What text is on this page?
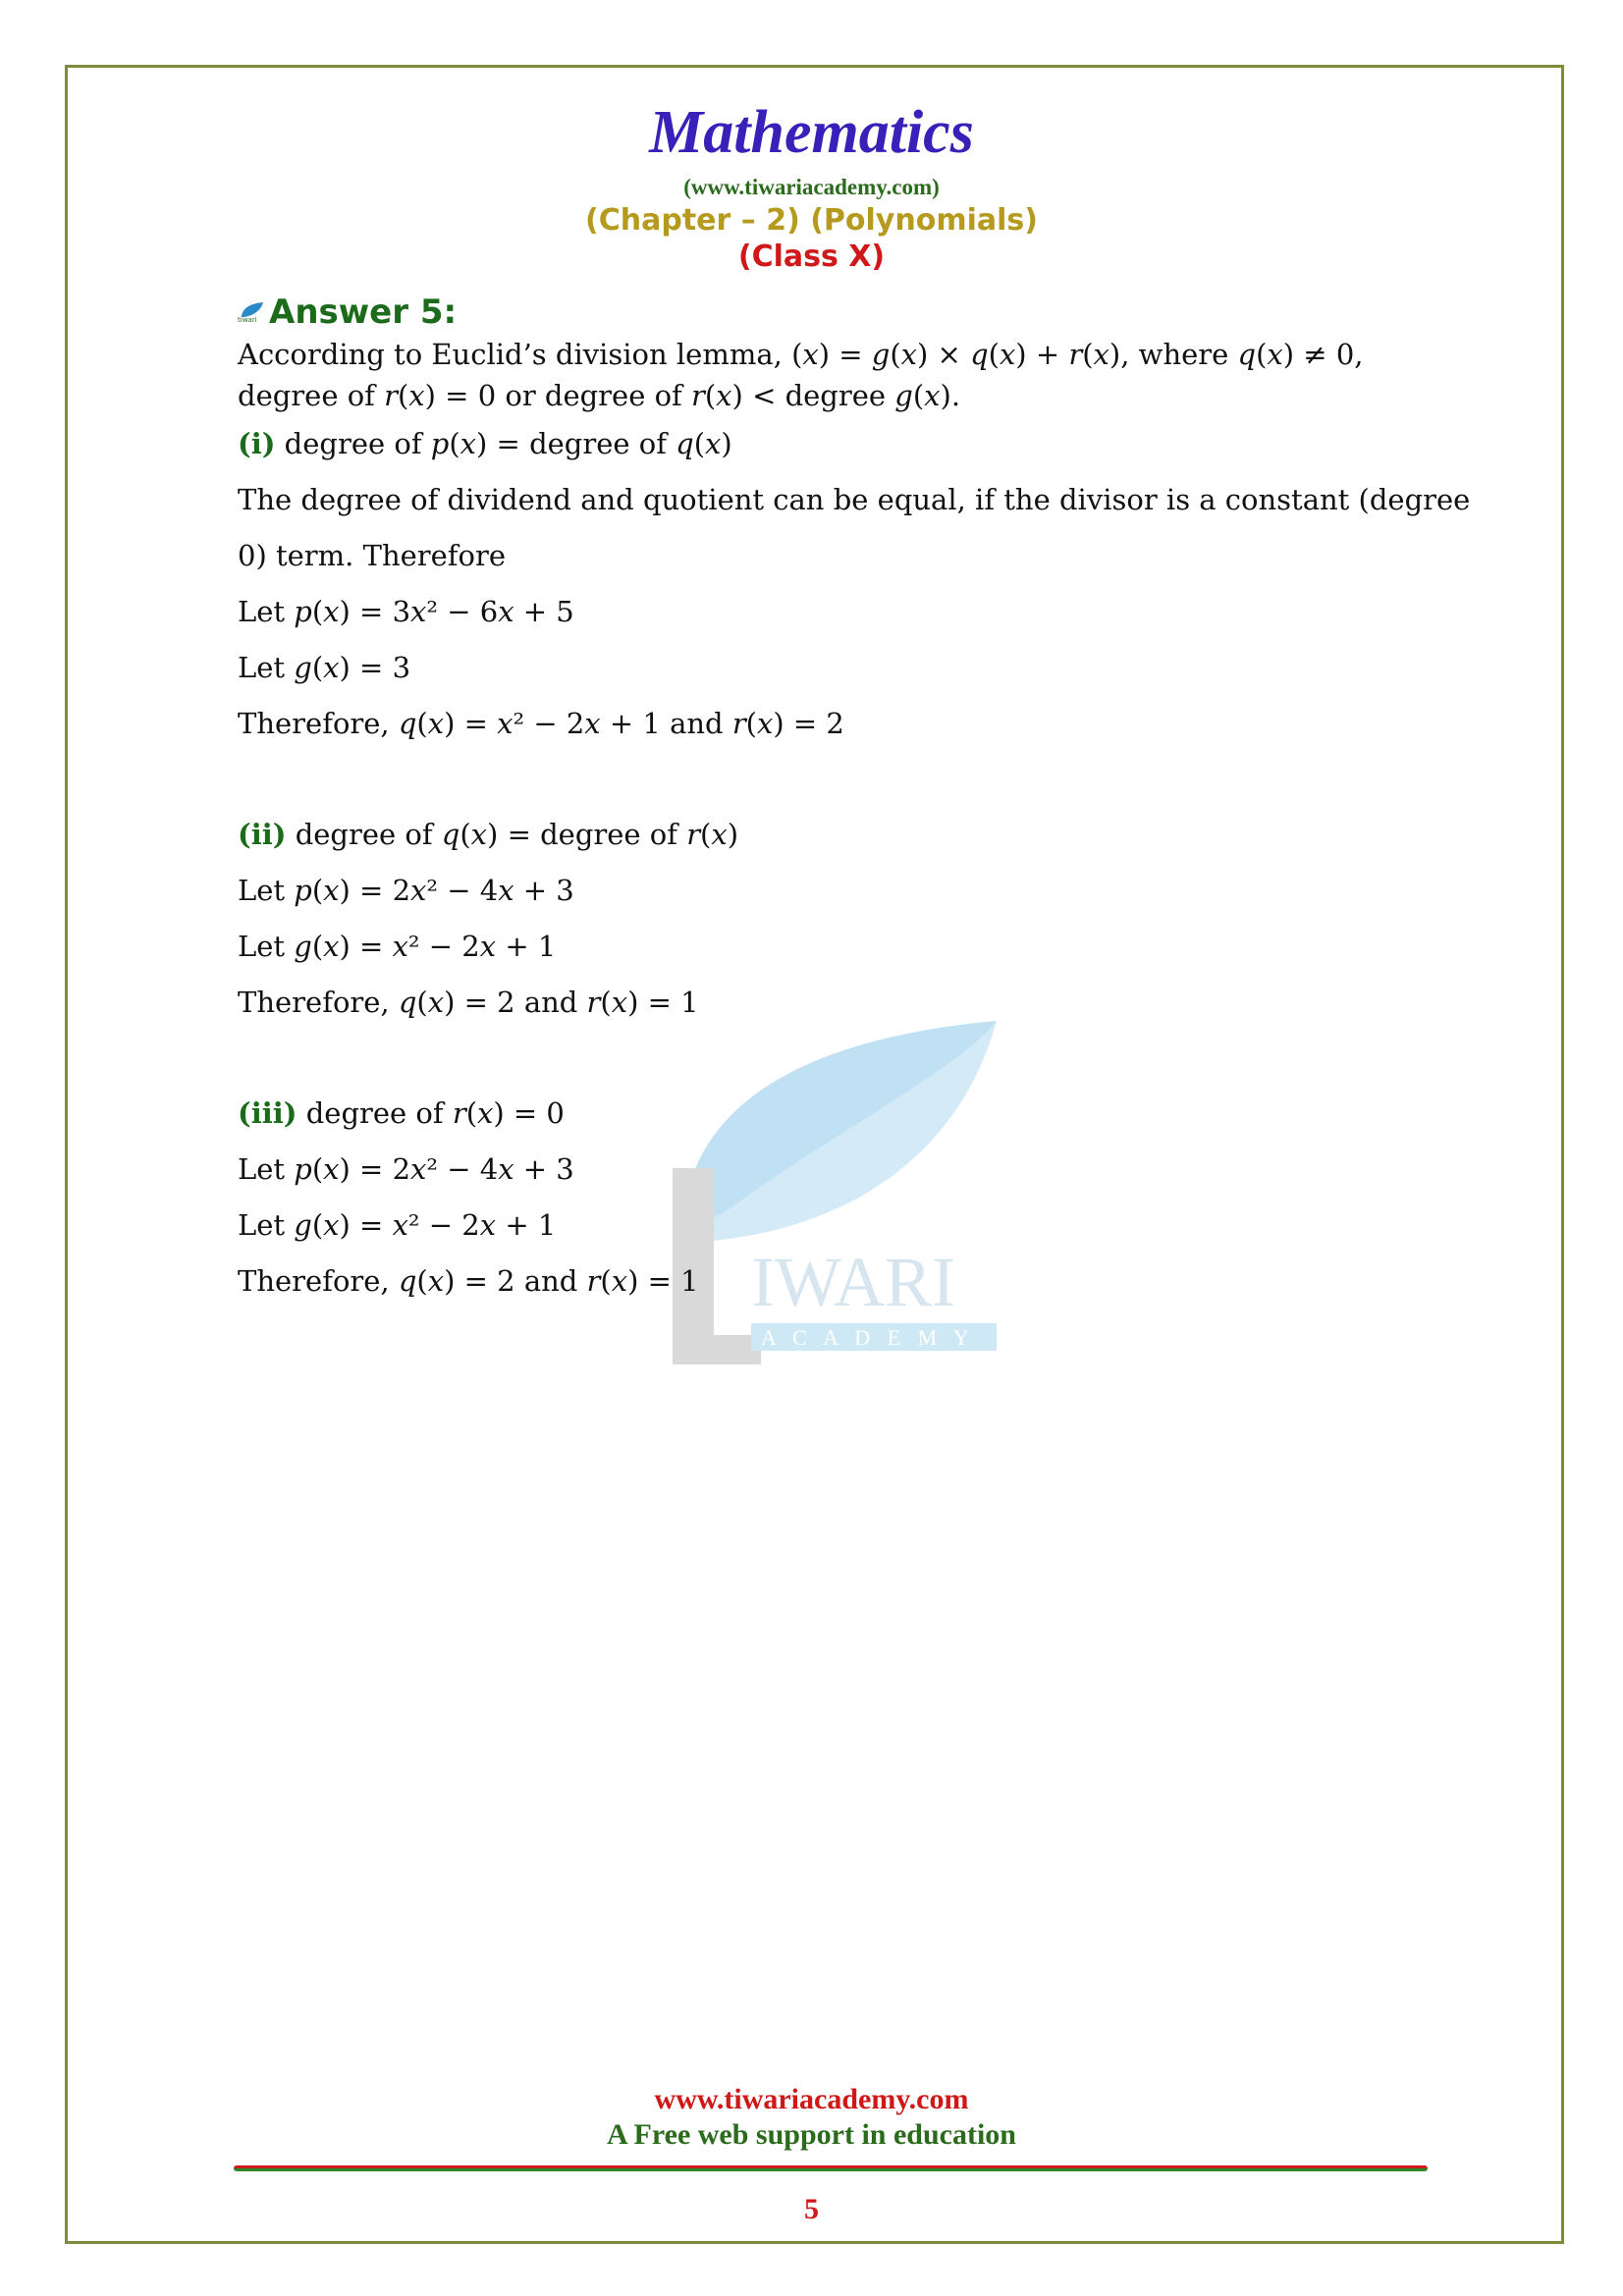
IWARI
A C A D E M Y
Mathematics
(www.tiwariacademy.com)
(Chapter – 2) (Polynomials)
(Class X)
tiwari Answer 5:
According to Euclid’s division lemma, (𝑥) = 𝑔(𝑥) × 𝑞(𝑥) + 𝑟(𝑥), where 𝑞(𝑥) ≠ 0,
degree of 𝑟(𝑥) = 0 or degree of 𝑟(𝑥) < degree 𝑔(𝑥).
(i) degree of 𝑝(𝑥) = degree of 𝑞(𝑥)
The degree of dividend and quotient can be equal, if the divisor is a constant (degree
0) term. Therefore
Let 𝑝(𝑥) = 3𝑥² − 6𝑥 + 5
Let 𝑔(𝑥) = 3
Therefore, 𝑞(𝑥) = 𝑥² − 2𝑥 + 1 and 𝑟(𝑥) = 2
(ii) degree of 𝑞(𝑥) = degree of 𝑟(𝑥)
Let 𝑝(𝑥) = 2𝑥² − 4𝑥 + 3
Let 𝑔(𝑥) = 𝑥² − 2𝑥 + 1
Therefore, 𝑞(𝑥) = 2 and 𝑟(𝑥) = 1
(iii) degree of 𝑟(𝑥) = 0
Let 𝑝(𝑥) = 2𝑥² − 4𝑥 + 3
Let 𝑔(𝑥) = 𝑥² − 2𝑥 + 1
Therefore, 𝑞(𝑥) = 2 and 𝑟(𝑥) = 1
www.tiwariacademy.com
A Free web support in education
5
